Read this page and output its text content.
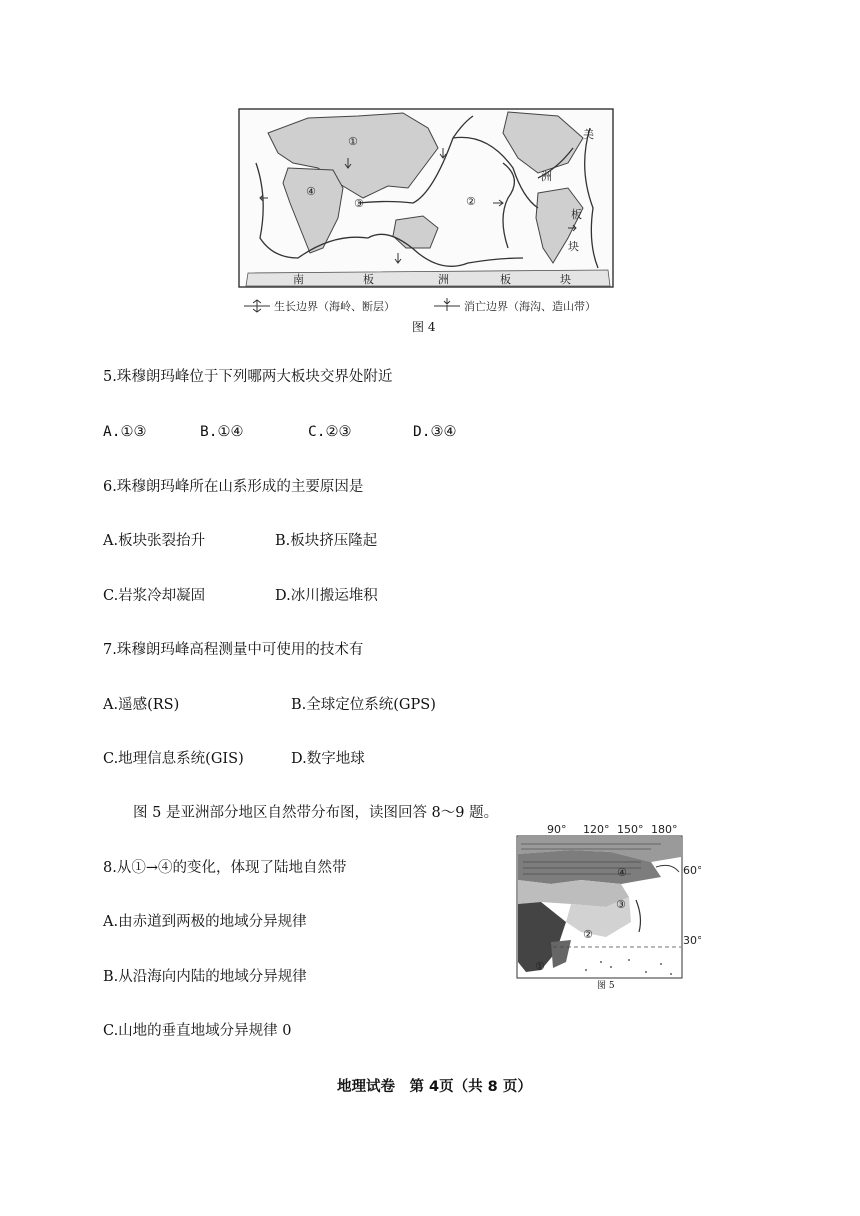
①
②
③
④
美
洲
板
块
南	板	洲	板	块
生长边界（海岭、断层）	消亡边界（海沟、造山带）
图 4
5.珠穆朗玛峰位于下列哪两大板块交界处附近
A.①③	B.①④	C.②③	D.③④
6.珠穆朗玛峰所在山系形成的主要原因是
A.板块张裂抬升	B.板块挤压隆起
C.岩浆冷却凝固	D.冰川搬运堆积
7.珠穆朗玛峰高程测量中可使用的技术有
A.遥感(RS)	B.全球定位系统(GPS)
C.地理信息系统(GIS)	D.数字地球
图 5 是亚洲部分地区自然带分布图，读图回答 8～9 题。
90° 120° 150° 180°
60°
30°
①
②
③
④
图 5
8.从①→④的变化，体现了陆地自然带
A.由赤道到两极的地域分异规律
B.从沿海向内陆的地域分异规律
C.山地的垂直地域分异规律 0
地理试卷　第 4页（共 8 页）
